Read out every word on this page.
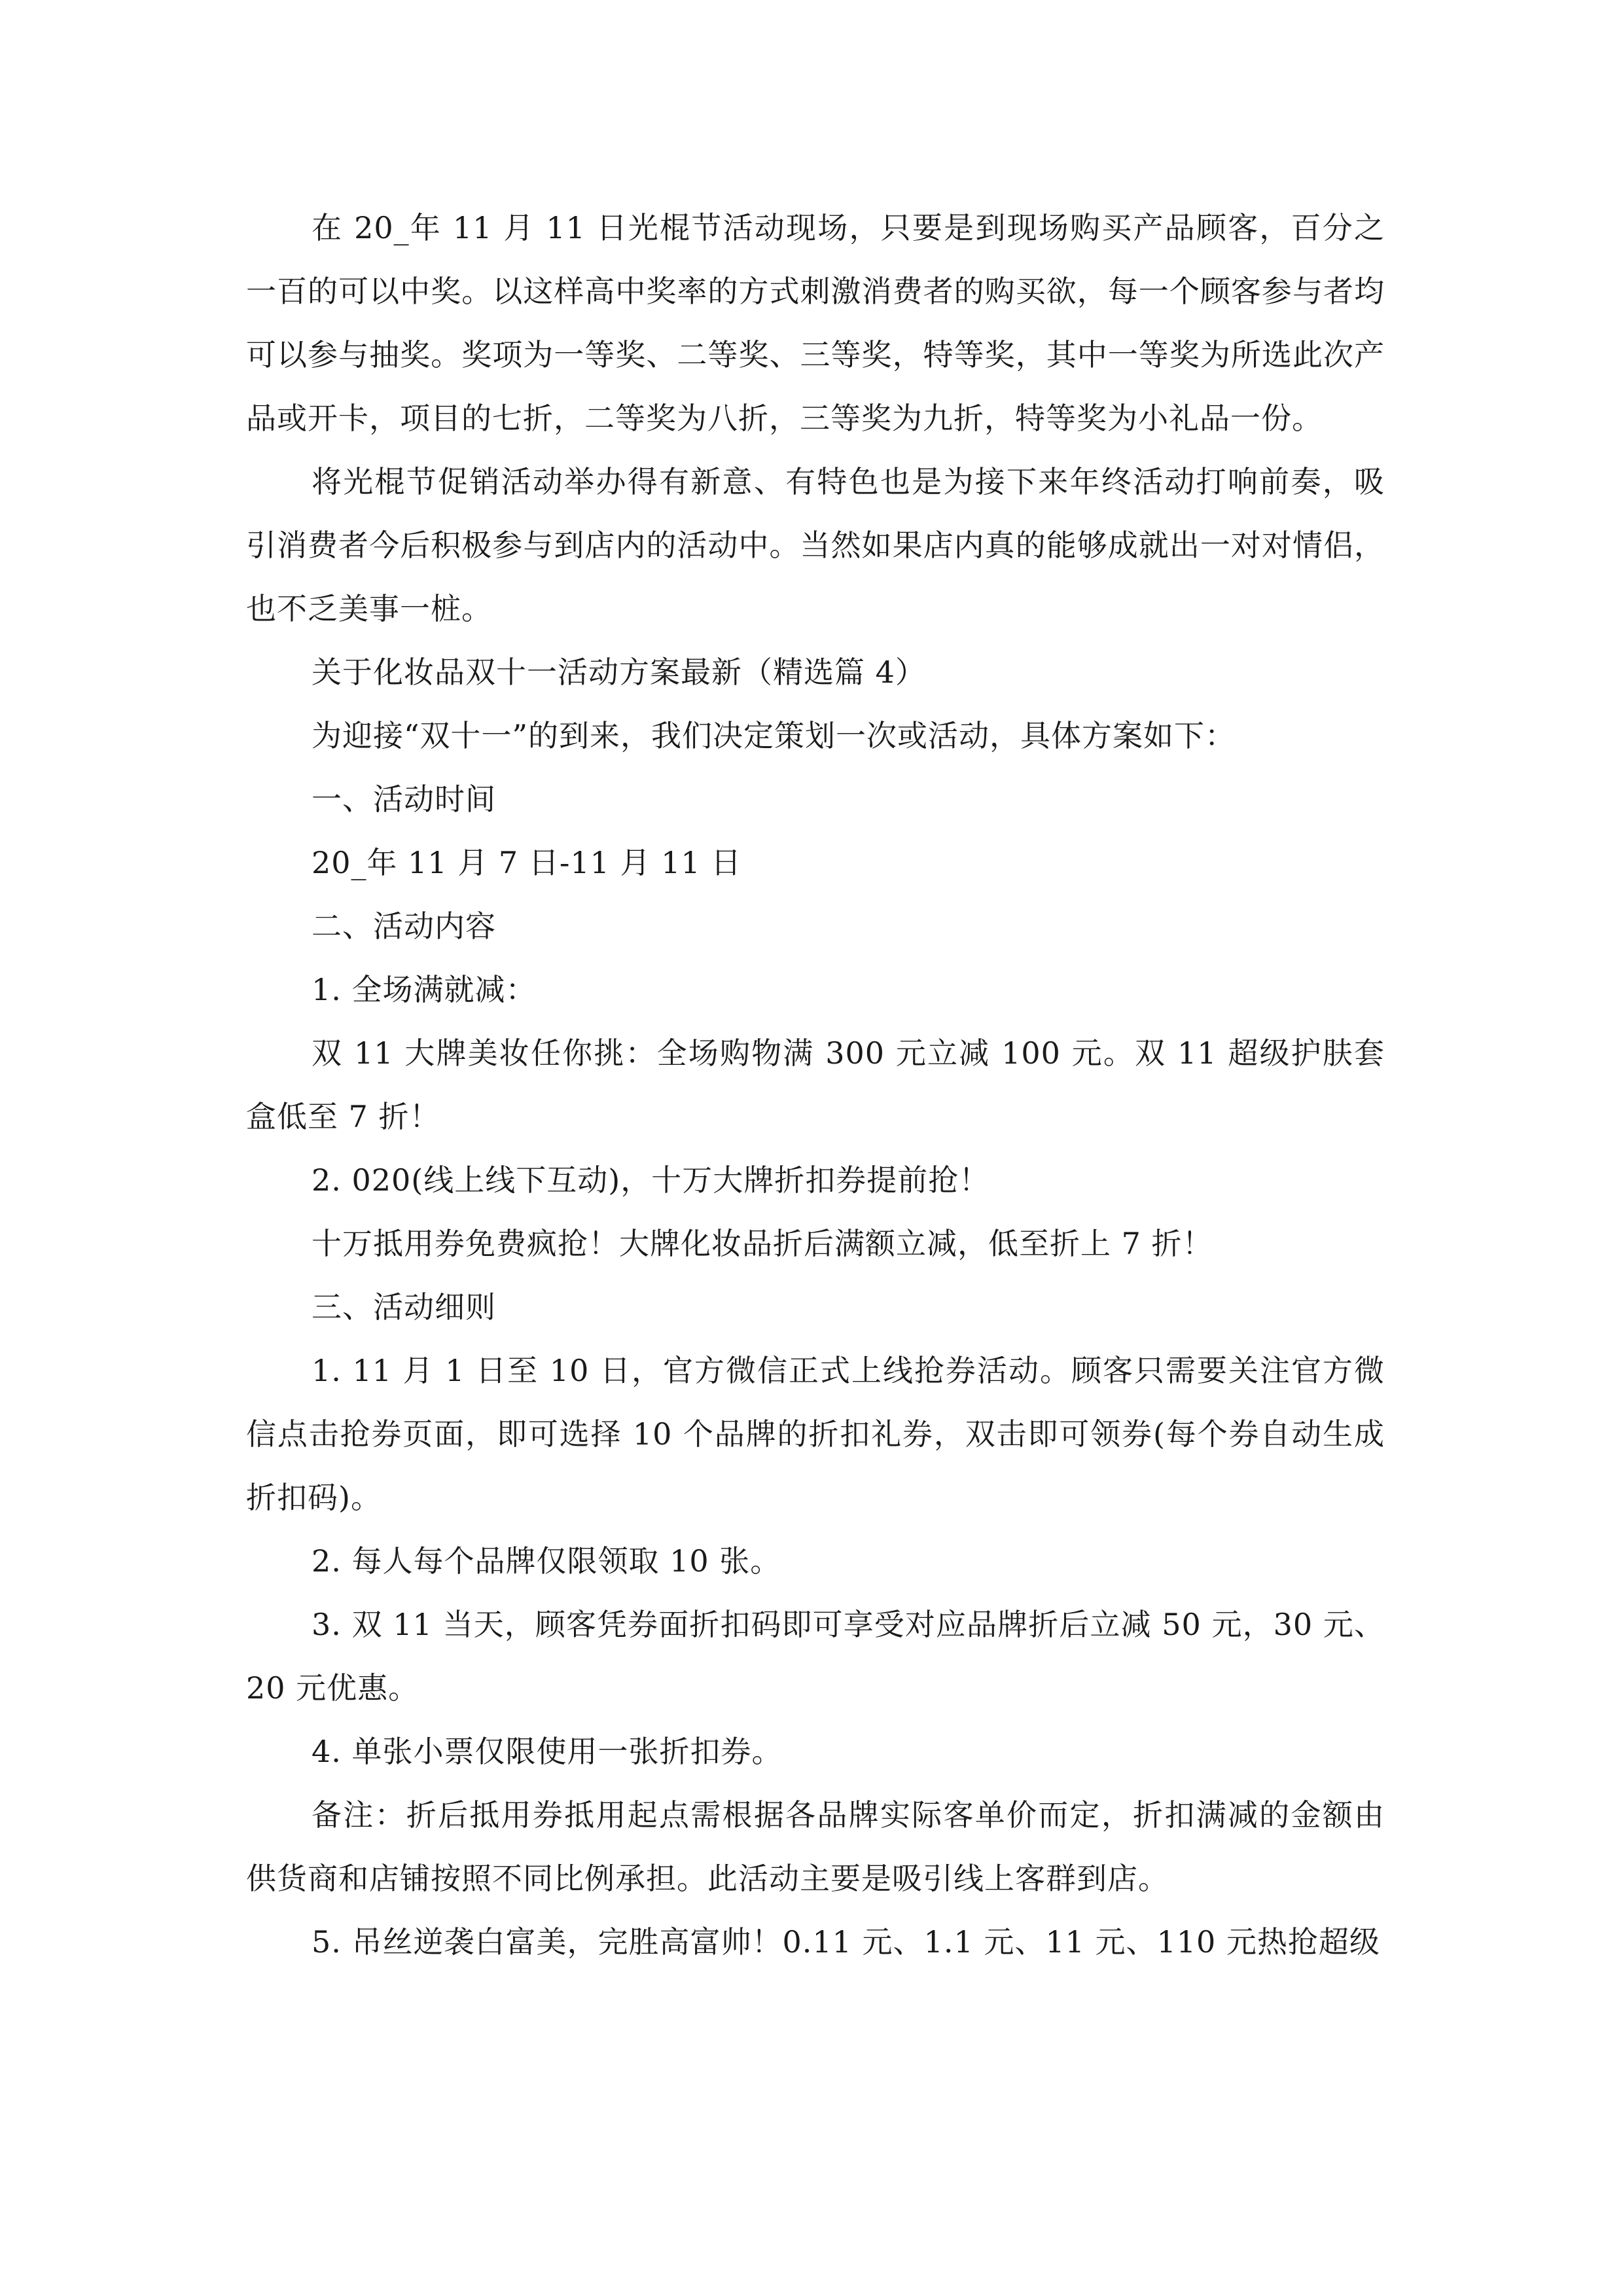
在 20_年 11 月 11 日光棍节活动现场，只要是到现场购买产品顾客，百分之一百的可以中奖。以这样高中奖率的方式刺激消费者的购买欲，每一个顾客参与者均可以参与抽奖。奖项为一等奖、二等奖、三等奖，特等奖，其中一等奖为所选此次产品或开卡，项目的七折，二等奖为八折，三等奖为九折，特等奖为小礼品一份。

将光棍节促销活动举办得有新意、有特色也是为接下来年终活动打响前奏，吸引消费者今后积极参与到店内的活动中。当然如果店内真的能够成就出一对对情侣，也不乏美事一桩。

关于化妆品双十一活动方案最新（精选篇 4）

为迎接“双十一”的到来，我们决定策划一次或活动，具体方案如下：

一、活动时间

20_年 11 月 7 日-11 月 11 日

二、活动内容

1. 全场满就减：

双 11 大牌美妆任你挑：全场购物满 300 元立减 100 元。双 11 超级护肤套盒低至 7 折！

2. 020(线上线下互动)，十万大牌折扣券提前抢！

十万抵用券免费疯抢！大牌化妆品折后满额立减，低至折上 7 折！

三、活动细则

1. 11 月 1 日至 10 日，官方微信正式上线抢券活动。顾客只需要关注官方微信点击抢券页面，即可选择 10 个品牌的折扣礼券，双击即可领券(每个券自动生成折扣码)。

2. 每人每个品牌仅限领取 10 张。

3. 双 11 当天，顾客凭券面折扣码即可享受对应品牌折后立减 50 元，30 元、20 元优惠。

4. 单张小票仅限使用一张折扣券。

备注：折后抵用券抵用起点需根据各品牌实际客单价而定，折扣满减的金额由供货商和店铺按照不同比例承担。此活动主要是吸引线上客群到店。

5. 吊丝逆袭白富美，完胜高富帅！0.11 元、1.1 元、11 元、110 元热抢超级
